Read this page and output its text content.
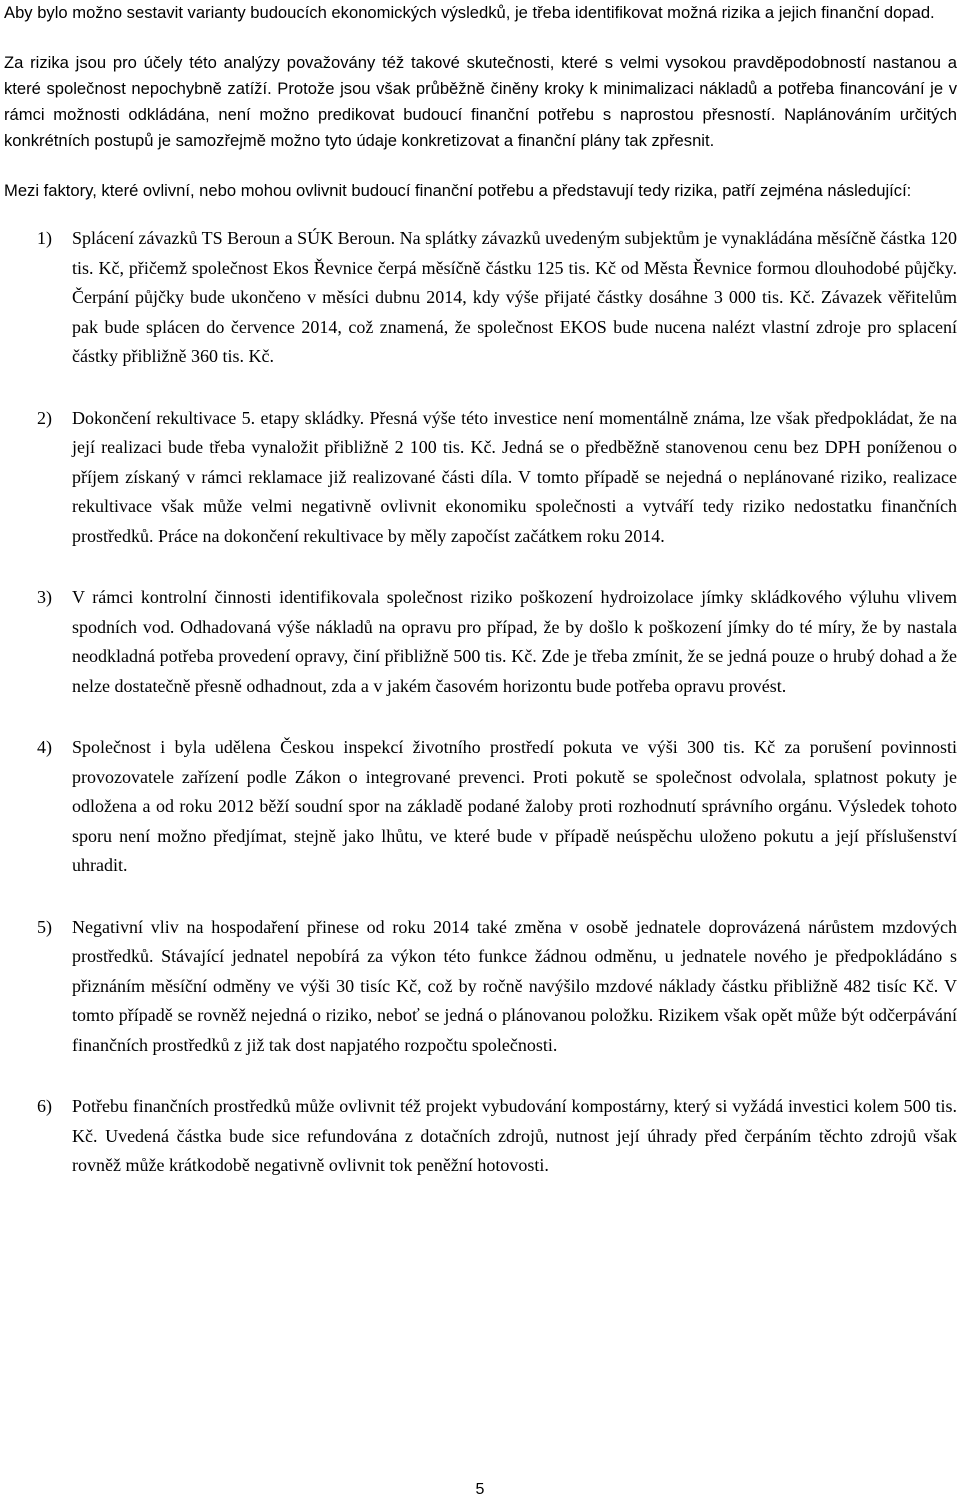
Aby bylo možno sestavit varianty budoucích ekonomických výsledků, je třeba identifikovat možná rizika a jejich finanční dopad.

Za rizika jsou pro účely této analýzy považovány též takové skutečnosti, které s velmi vysokou pravděpodobností nastanou a které společnost nepochybně zatíží. Protože jsou však průběžně činěny kroky k minimalizaci nákladů a potřeba financování je v rámci možnosti odkládána, není možno predikovat budoucí finanční potřebu s naprostou přesností. Naplánováním určitých konkrétních postupů je samozřejmě možno tyto údaje konkretizovat a finanční plány tak zpřesnit.

Mezi faktory, které ovlivní, nebo mohou ovlivnit budoucí finanční potřebu a představují tedy rizika, patří zejména následující:

1) Splácení závazků TS Beroun a SÚK Beroun. Na splátky závazků uvedeným subjektům je vynakládána měsíčně částka 120 tis. Kč, přičemž společnost Ekos Řevnice čerpá měsíčně částku 125 tis. Kč od Města Řevnice formou dlouhodobé půjčky. Čerpání půjčky bude ukončeno v měsíci dubnu 2014, kdy výše přijaté částky dosáhne 3 000 tis. Kč. Závazek věřitelům pak bude splácen do července 2014, což znamená, že společnost EKOS bude nucena nalézt vlastní zdroje pro splacení částky přibližně 360 tis. Kč.
2) Dokončení rekultivace 5. etapy skládky. Přesná výše této investice není momentálně známa, lze však předpokládat, že na její realizaci bude třeba vynaložit přibližně 2 100 tis. Kč. Jedná se o předběžně stanovenou cenu bez DPH poníženou o příjem získaný v rámci reklamace již realizované části díla. V tomto případě se nejedná o neplánované riziko, realizace rekultivace však může velmi negativně ovlivnit ekonomiku společnosti a vytváří tedy riziko nedostatku finančních prostředků. Práce na dokončení rekultivace by měly započíst začátkem roku 2014.
3) V rámci kontrolní činnosti identifikovala společnost riziko poškození hydroizolace jímky skládkového výluhu vlivem spodních vod. Odhadovaná výše nákladů na opravu pro případ, že by došlo k poškození jímky do té míry, že by nastala neodkladná potřeba provedení opravy, činí přibližně 500 tis. Kč. Zde je třeba zmínit, že se jedná pouze o hrubý dohad a že nelze dostatečně přesně odhadnout, zda a v jakém časovém horizontu bude potřeba opravu provést.
4) Společnost i byla udělena Českou inspekcí životního prostředí pokuta ve výši 300 tis. Kč za porušení povinnosti provozovatele zařízení podle Zákon o integrované prevenci. Proti pokutě se společnost odvolala, splatnost pokuty je odložena a od roku 2012 běží soudní spor na základě podané žaloby proti rozhodnutí správního orgánu. Výsledek tohoto sporu není možno předjímat, stejně jako lhůtu, ve které bude v případě neúspěchu uloženo pokutu a její příslušenství uhradit.
5) Negativní vliv na hospodaření přinese od roku 2014 také změna v osobě jednatele doprovázená nárůstem mzdových prostředků. Stávající jednatel nepobírá za výkon této funkce žádnou odměnu, u jednatele nového je předpokládáno s přiznáním měsíční odměny ve výši 30 tisíc Kč, což by ročně navýšilo mzdové náklady částku přibližně 482 tisíc Kč. V tomto případě se rovněž nejedná o riziko, neboť se jedná o plánovanou položku. Rizikem však opět může být odčerpávání finančních prostředků z již tak dost napjatého rozpočtu společnosti.
6) Potřebu finančních prostředků může ovlivnit též projekt vybudování kompostárny, který si vyžádá investici kolem 500 tis. Kč. Uvedená částka bude sice refundována z dotačních zdrojů, nutnost její úhrady před čerpáním těchto zdrojů však rovněž může krátkodobě negativně ovlivnit tok peněžní hotovosti.
5
